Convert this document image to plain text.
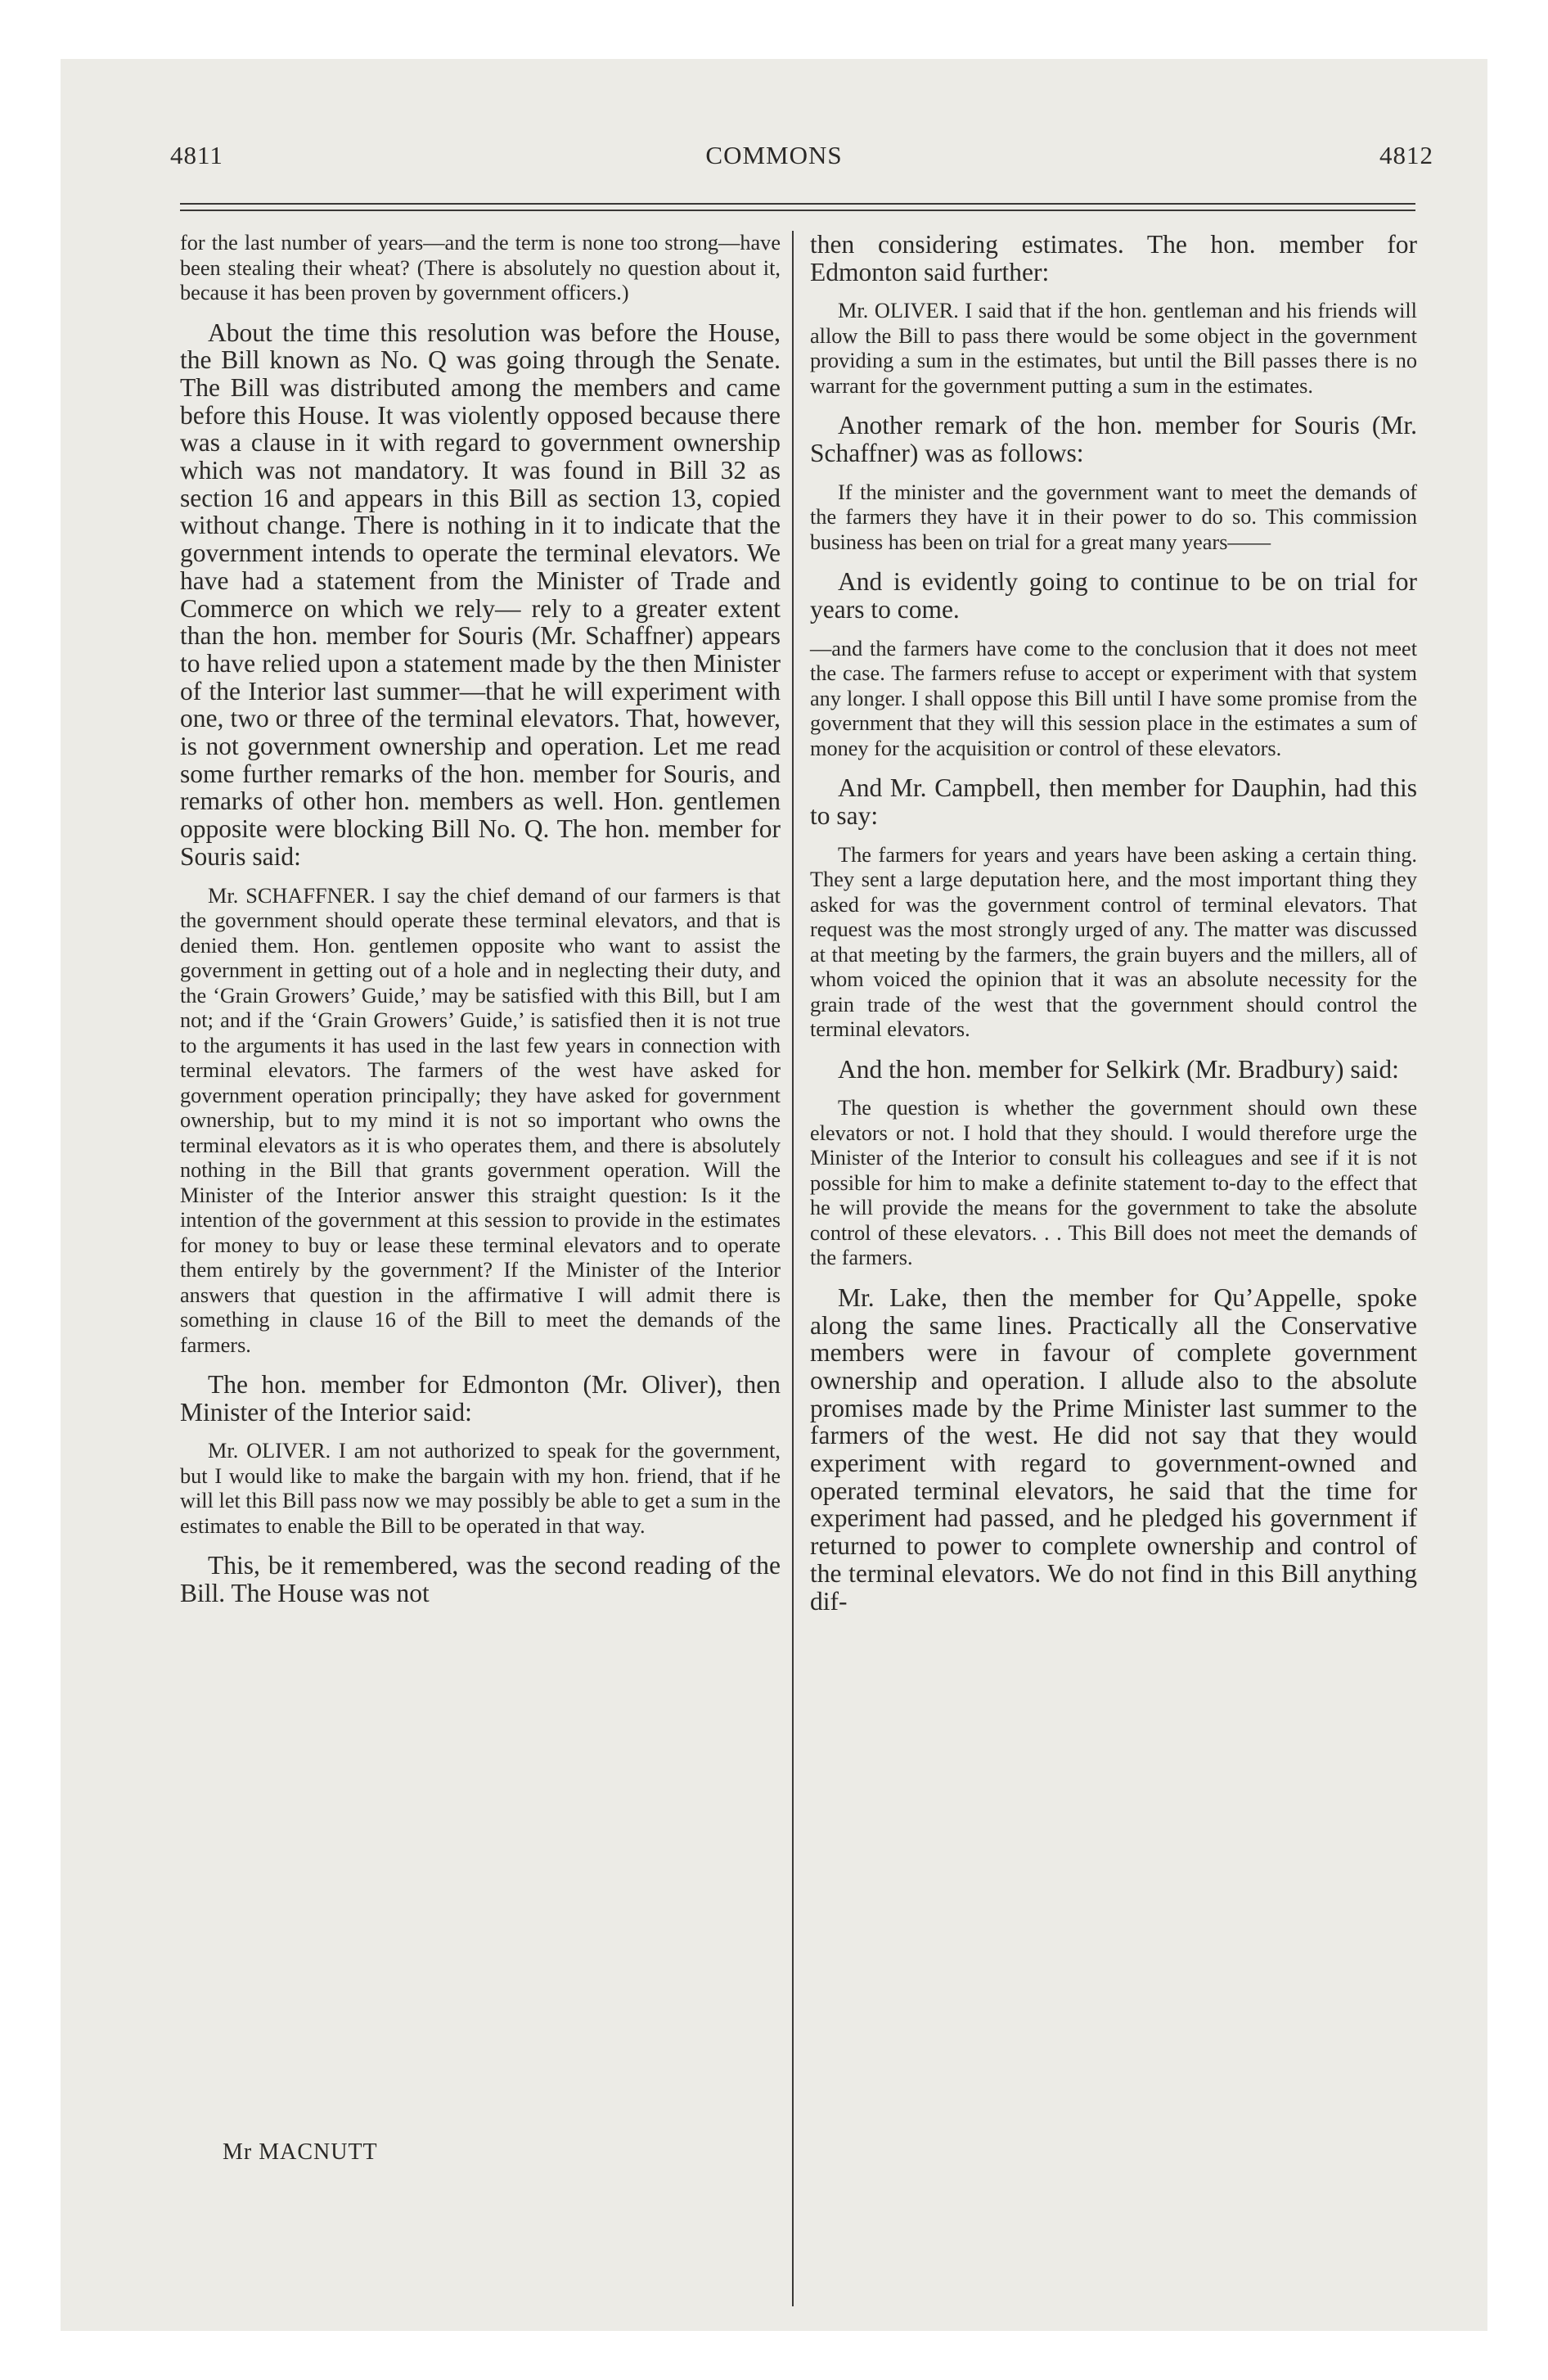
4811	COMMONS	4812

for the last number of years—and the term is none too strong—have been stealing their wheat? (There is absolutely no question about it, because it has been proven by government officers.)

About the time this resolution was before the House, the Bill known as No. Q was going through the Senate. The Bill was distributed among the members and came before this House. It was violently opposed because there was a clause in it with regard to government ownership which was not mandatory. It was found in Bill 32 as section 16 and appears in this Bill as section 13, copied without change. There is nothing in it to indicate that the government intends to operate the terminal elevators. We have had a statement from the Minister of Trade and Commerce on which we rely— rely to a greater extent than the hon. member for Souris (Mr. Schaffner) appears to have relied upon a statement made by the then Minister of the Interior last summer—that he will experiment with one, two or three of the terminal elevators. That, however, is not government ownership and operation. Let me read some further remarks of the hon. member for Souris, and remarks of other hon. members as well. Hon. gentlemen opposite were blocking Bill No. Q. The hon. member for Souris said:

Mr. SCHAFFNER. I say the chief demand of our farmers is that the government should operate these terminal elevators, and that is denied them. Hon. gentlemen opposite who want to assist the government in getting out of a hole and in neglecting their duty, and the ‘Grain Growers’ Guide,’ may be satisfied with this Bill, but I am not; and if the ‘Grain Growers’ Guide,’ is satisfied then it is not true to the arguments it has used in the last few years in connection with terminal elevators. The farmers of the west have asked for government operation principally; they have asked for government ownership, but to my mind it is not so important who owns the terminal elevators as it is who operates them, and there is absolutely nothing in the Bill that grants government operation. Will the Minister of the Interior answer this straight question: Is it the intention of the government at this session to provide in the estimates for money to buy or lease these terminal elevators and to operate them entirely by the government? If the Minister of the Interior answers that question in the affirmative I will admit there is something in clause 16 of the Bill to meet the demands of the farmers.

The hon. member for Edmonton (Mr. Oliver), then Minister of the Interior said:

Mr. OLIVER. I am not authorized to speak for the government, but I would like to make the bargain with my hon. friend, that if he will let this Bill pass now we may possibly be able to get a sum in the estimates to enable the Bill to be operated in that way.

This, be it remembered, was the second reading of the Bill. The House was not

then considering estimates. The hon. member for Edmonton said further:

Mr. OLIVER. I said that if the hon. gentleman and his friends will allow the Bill to pass there would be some object in the government providing a sum in the estimates, but until the Bill passes there is no warrant for the government putting a sum in the estimates.

Another remark of the hon. member for Souris (Mr. Schaffner) was as follows:

If the minister and the government want to meet the demands of the farmers they have it in their power to do so. This commission business has been on trial for a great many years——

And is evidently going to continue to be on trial for years to come.

—and the farmers have come to the conclusion that it does not meet the case. The farmers refuse to accept or experiment with that system any longer. I shall oppose this Bill until I have some promise from the government that they will this session place in the estimates a sum of money for the acquisition or control of these elevators.

And Mr. Campbell, then member for Dauphin, had this to say:

The farmers for years and years have been asking a certain thing. They sent a large deputation here, and the most important thing they asked for was the government control of terminal elevators. That request was the most strongly urged of any. The matter was discussed at that meeting by the farmers, the grain buyers and the millers, all of whom voiced the opinion that it was an absolute necessity for the grain trade of the west that the government should control the terminal elevators.

And the hon. member for Selkirk (Mr. Bradbury) said:

The question is whether the government should own these elevators or not. I hold that they should. I would therefore urge the Minister of the Interior to consult his colleagues and see if it is not possible for him to make a definite statement to-day to the effect that he will provide the means for the government to take the absolute control of these elevators. . . This Bill does not meet the demands of the farmers.

Mr. Lake, then the member for Qu’Appelle, spoke along the same lines. Practically all the Conservative members were in favour of complete government ownership and operation. I allude also to the absolute promises made by the Prime Minister last summer to the farmers of the west. He did not say that they would experiment with regard to government-owned and operated terminal elevators, he said that the time for experiment had passed, and he pledged his government if returned to power to complete ownership and control of the terminal elevators. We do not find in this Bill anything dif-

Mr MACNUTT
